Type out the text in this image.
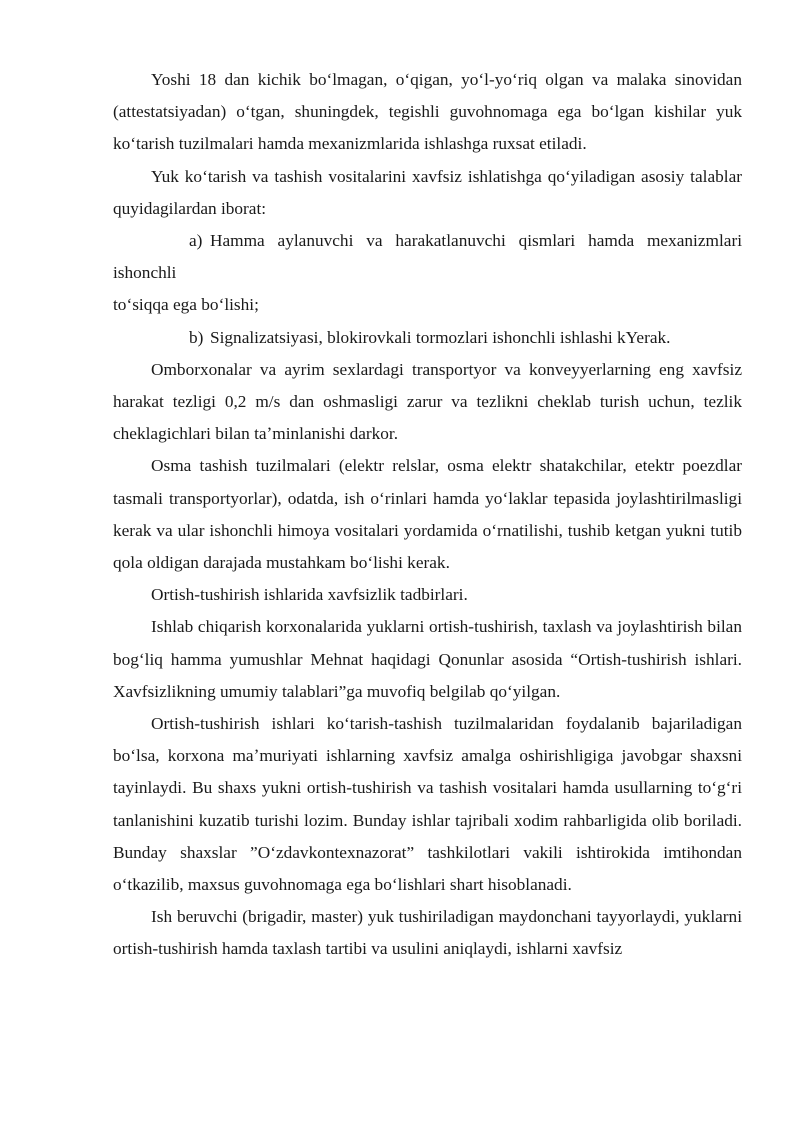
Yoshi 18 dan kichik boʻlmagan, oʻqigan, yoʻl-yoʻriq olgan va malaka sinovidan (attestatsiyadan) oʻtgan, shuningdek, tegishli guvohnomaga ega boʻlgan kishilar yuk koʻtarish tuzilmalari hamda mexanizmlarida ishlashga ruxsat etiladi.

Yuk koʻtarish va tashish vositalarini xavfsiz ishlatishga qoʻyiladigan asosiy talablar quyidagilardan iborat:

a) Hamma aylanuvchi va harakatlanuvchi qismlari hamda mexanizmlari ishonchli

toʻsiqqa ega boʻlishi;

b) Signalizatsiyasi, blokirovkali tormozlari ishonchli ishlashi kYerak.

Omborxonalar va ayrim sexlardagi transportyor va konveyyerlarning eng xavfsiz harakat tezligi 0,2 m/s dan oshmasligi zarur va tezlikni cheklab turish uchun, tezlik cheklagichlari bilan taʼminlanishi darkor.

Osma tashish tuzilmalari (elektr relslar, osma elektr shatakchilar, etektr poezdlar tasmali transportyorlar), odatda, ish oʻrinlari hamda yoʻlaklar tepasida joylashtirilmasligi kerak va ular ishonchli himoya vositalari yordamida oʻrnatilishi, tushib ketgan yukni tutib qola oldigan darajada mustahkam boʻlishi kerak.

Ortish-tushirish ishlarida xavfsizlik tadbirlari.

Ishlab chiqarish korxonalarida yuklarni ortish-tushirish, taxlash va joylashtirish bilan bogʻliq hamma yumushlar Mehnat haqidagi Qonunlar asosida “Ortish-tushirish ishlari. Xavfsizlikning umumiy talablari”ga muvofiq belgilab qoʻyilgan.

Ortish-tushirish ishlari koʻtarish-tashish tuzilmalaridan foydalanib bajariladigan boʻlsa, korxona maʼmuriyati ishlarning xavfsiz amalga oshirishligiga javobgar shaxsni tayinlaydi. Bu shaxs yukni ortish-tushirish va tashish vositalari hamda usullarning toʻgʻri tanlanishini kuzatib turishi lozim. Bunday ishlar tajribali xodim rahbarligida olib boriladi. Bunday shaxslar ”Oʻzdavkontexnazorat” tashkilotlari vakili ishtirokida imtihondan oʻtkazilib, maxsus guvohnomaga ega boʻlishlari shart hisoblanadi.

Ish beruvchi (brigadir, master) yuk tushiriladigan maydonchani tayyorlaydi, yuklarni ortish-tushirish hamda taxlash tartibi va usulini aniqlaydi, ishlarni xavfsiz
